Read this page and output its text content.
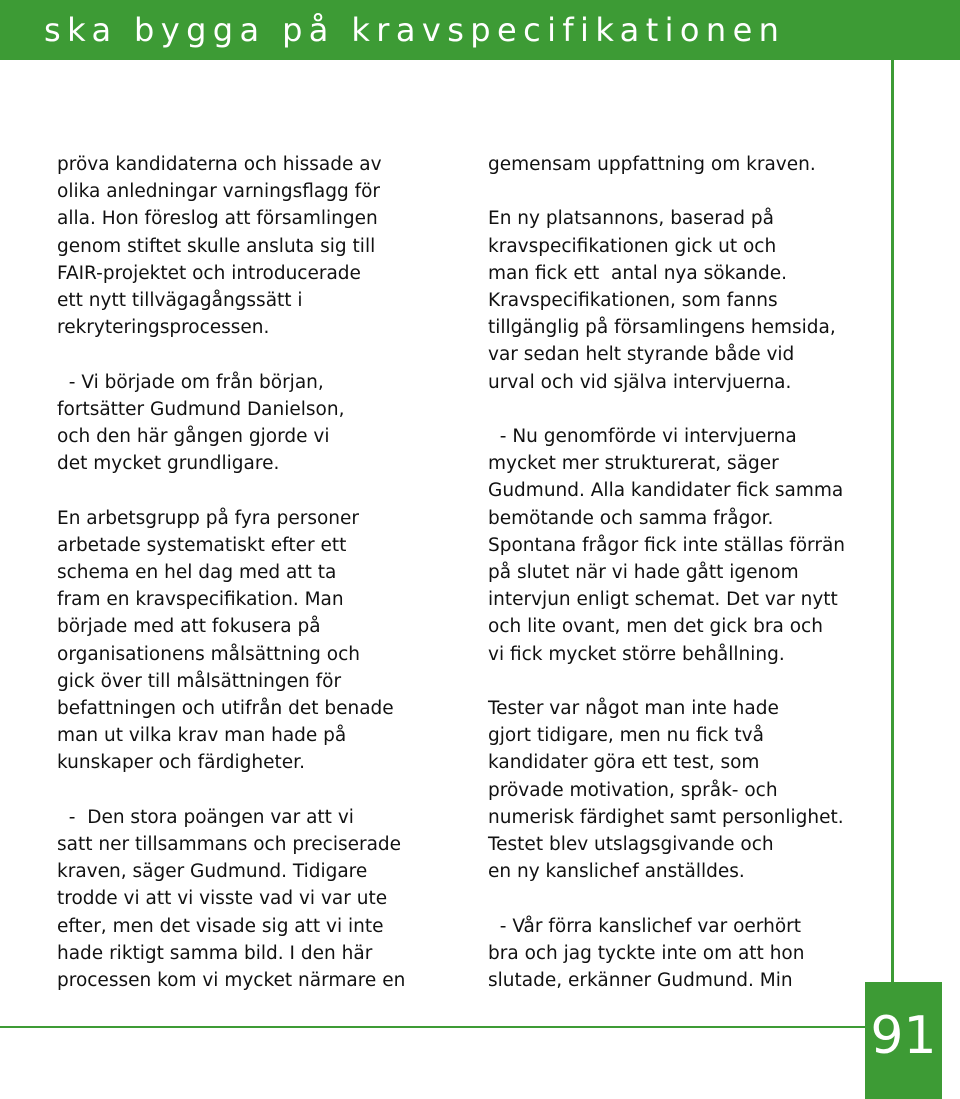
ska bygga på kravspecifikationen
91

pröva kandidaterna och hissade av
olika anledningar varningsflagg för
alla. Hon föreslog att församlingen
genom stiftet skulle ansluta sig till
FAIR-projektet och introducerade
ett nytt tillvägagångssätt i
rekryteringsprocessen.

- Vi började om från början,
fortsätter Gudmund Danielson,
och den här gången gjorde vi
det mycket grundligare.

En arbetsgrupp på fyra personer
arbetade systematiskt efter ett
schema en hel dag med att ta
fram en kravspecifikation. Man
började med att fokusera på
organisationens målsättning och
gick över till målsättningen för
befattningen och utifrån det benade
man ut vilka krav man hade på
kunskaper och färdigheter.

-  Den stora poängen var att vi
satt ner tillsammans och preciserade
kraven, säger Gudmund. Tidigare
trodde vi att vi visste vad vi var ute
efter, men det visade sig att vi inte
hade riktigt samma bild. I den här
processen kom vi mycket närmare en

gemensam uppfattning om kraven.

En ny platsannons, baserad på
kravspecifikationen gick ut och
man fick ett  antal nya sökande.
Kravspecifikationen, som fanns
tillgänglig på församlingens hemsida,
var sedan helt styrande både vid
urval och vid själva intervjuerna.

- Nu genomförde vi intervjuerna
mycket mer strukturerat, säger
Gudmund. Alla kandidater fick samma
bemötande och samma frågor.
Spontana frågor fick inte ställas förrän
på slutet när vi hade gått igenom
intervjun enligt schemat. Det var nytt
och lite ovant, men det gick bra och
vi fick mycket större behållning.

Tester var något man inte hade
gjort tidigare, men nu fick två
kandidater göra ett test, som
prövade motivation, språk- och
numerisk färdighet samt personlighet.
Testet blev utslagsgivande och
en ny kanslichef anställdes.

- Vår förra kanslichef var oerhört
bra och jag tyckte inte om att hon
slutade, erkänner Gudmund. Min
